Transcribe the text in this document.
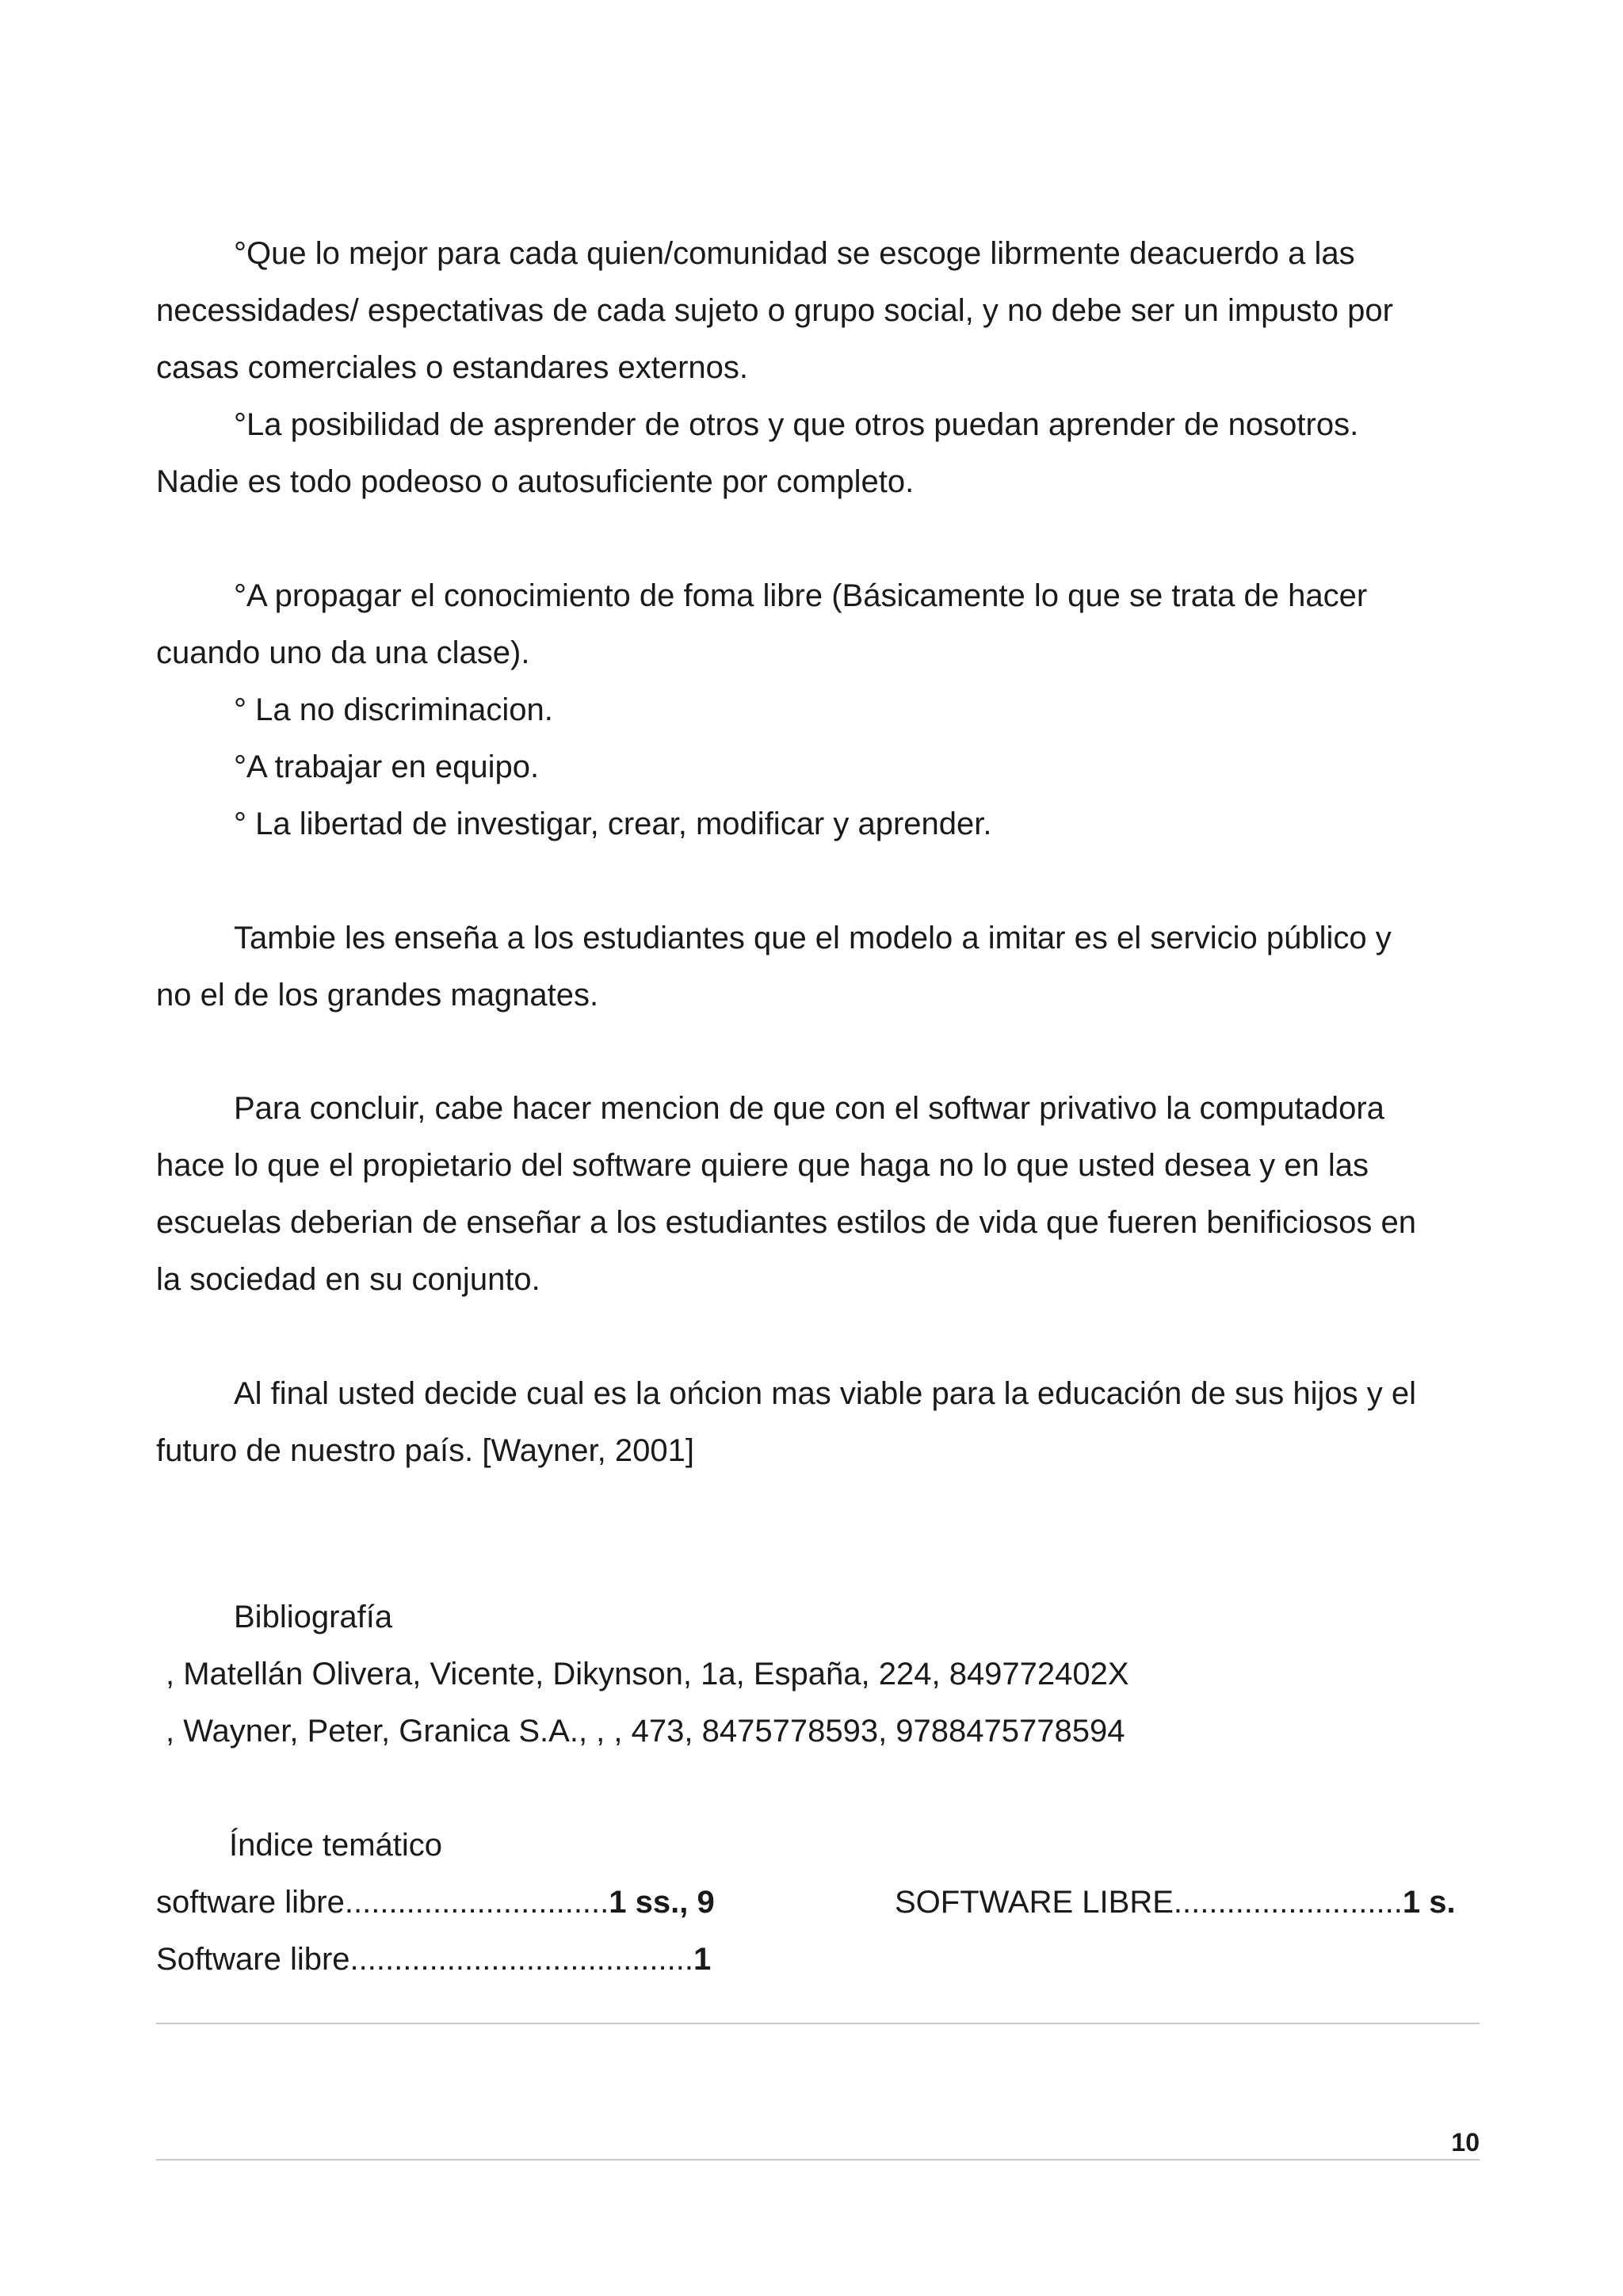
°Que lo mejor para cada quien/comunidad se escoge librmente deacuerdo a las
necessidades/ espectativas de cada sujeto o grupo social, y no debe ser un impusto por
casas comerciales o estandares externos.
°La posibilidad de asprender de otros y que otros puedan aprender de nosotros.
Nadie es todo podeoso o autosuficiente por completo.
°A propagar el conocimiento de foma libre (Básicamente lo que se trata de hacer
cuando uno da una clase).
° La no discriminacion.
°A trabajar en equipo.
° La libertad de investigar, crear, modificar y aprender.
Tambie les enseña a los estudiantes que el modelo a imitar es el servicio público y
no el de los grandes magnates.
Para concluir, cabe hacer mencion de que con el softwar privativo la computadora
hace lo que el propietario del software quiere que haga no lo que usted desea y en las
escuelas deberian de enseñar a los estudiantes estilos de vida que fueren benificiosos en
la sociedad en su conjunto.
Al final usted decide cual es la ońcion mas viable para la educación de sus hijos y el
futuro de nuestro país. [Wayner, 2001]
Bibliografía
, Matellán Olivera, Vicente, Dikynson, 1a, España, 224, 849772402X
, Wayner, Peter, Granica S.A., , , 473, 8475778593, 9788475778594
Índice temático
software libre..............................1 ss., 9	SOFTWARE LIBRE..........................1 s.
Software libre.......................................1
10
